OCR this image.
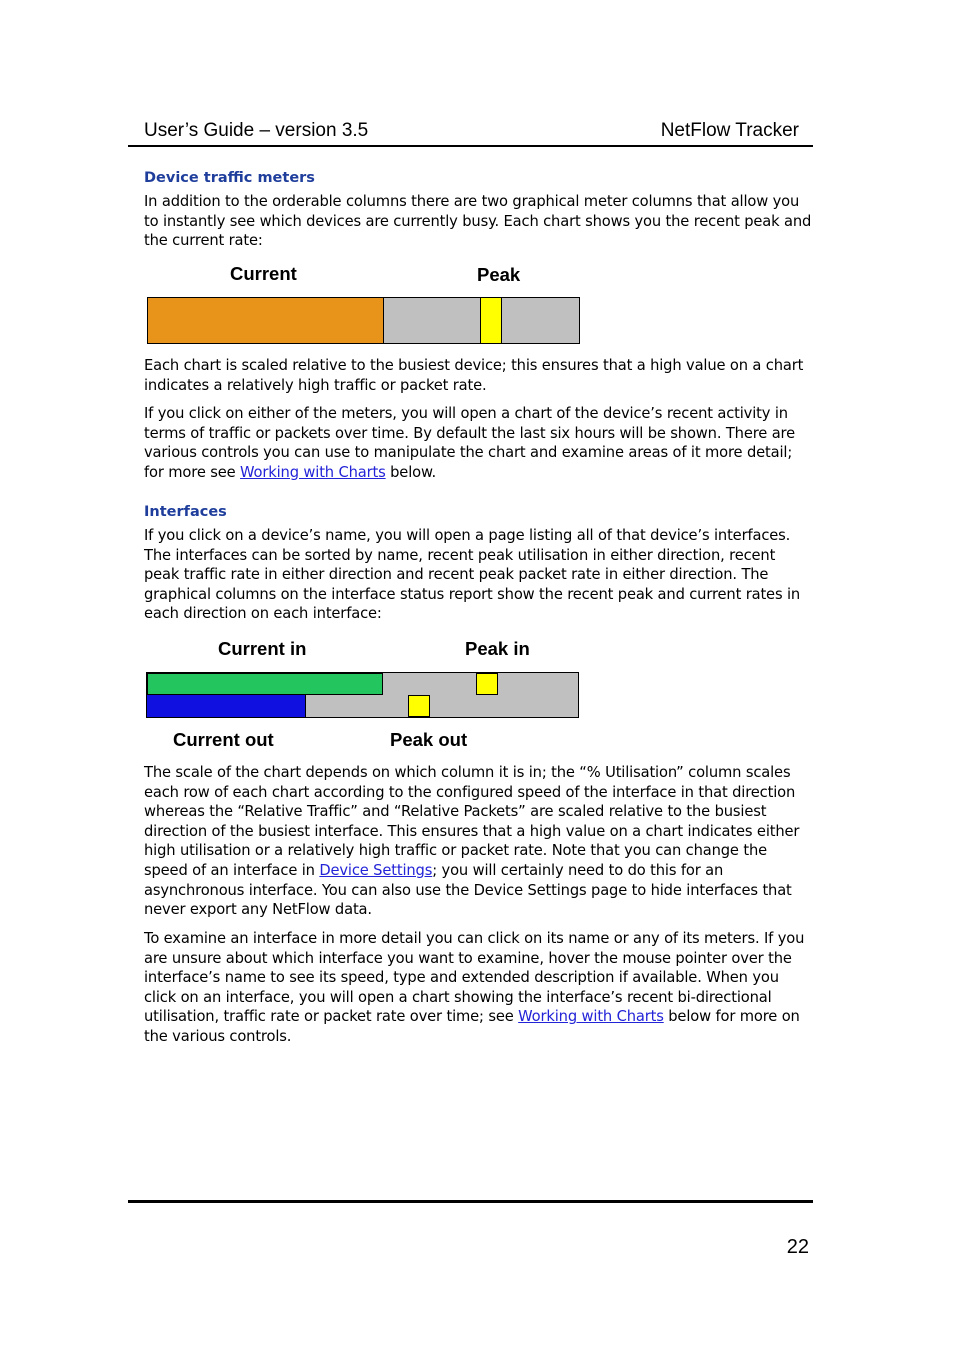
User’s Guide – version 3.5	NetFlow Tracker
Device traffic meters

In addition to the orderable columns there are two graphical meter columns that allow you to instantly see which devices are currently busy. Each chart shows you the recent peak and the current rate:

Current	Peak

Each chart is scaled relative to the busiest device; this ensures that a high value on a chart indicates a relatively high traffic or packet rate.

If you click on either of the meters, you will open a chart of the device’s recent activity in terms of traffic or packets over time. By default the last six hours will be shown. There are various controls you can use to manipulate the chart and examine areas of it more detail; for more see Working with Charts below.

Interfaces

If you click on a device’s name, you will open a page listing all of that device’s interfaces. The interfaces can be sorted by name, recent peak utilisation in either direction, recent peak traffic rate in either direction and recent peak packet rate in either direction. The graphical columns on the interface status report show the recent peak and current rates in each direction on each interface:

Current in	Peak in
Current out	Peak out

The scale of the chart depends on which column it is in; the “% Utilisation” column scales each row of each chart according to the configured speed of the interface in that direction whereas the “Relative Traffic” and “Relative Packets” are scaled relative to the busiest direction of the busiest interface. This ensures that a high value on a chart indicates either high utilisation or a relatively high traffic or packet rate. Note that you can change the speed of an interface in Device Settings; you will certainly need to do this for an asynchronous interface. You can also use the Device Settings page to hide interfaces that never export any NetFlow data.

To examine an interface in more detail you can click on its name or any of its meters. If you are unsure about which interface you want to examine, hover the mouse pointer over the interface’s name to see its speed, type and extended description if available. When you click on an interface, you will open a chart showing the interface’s recent bi-directional utilisation, traffic rate or packet rate over time; see Working with Charts below for more on the various controls.

22
